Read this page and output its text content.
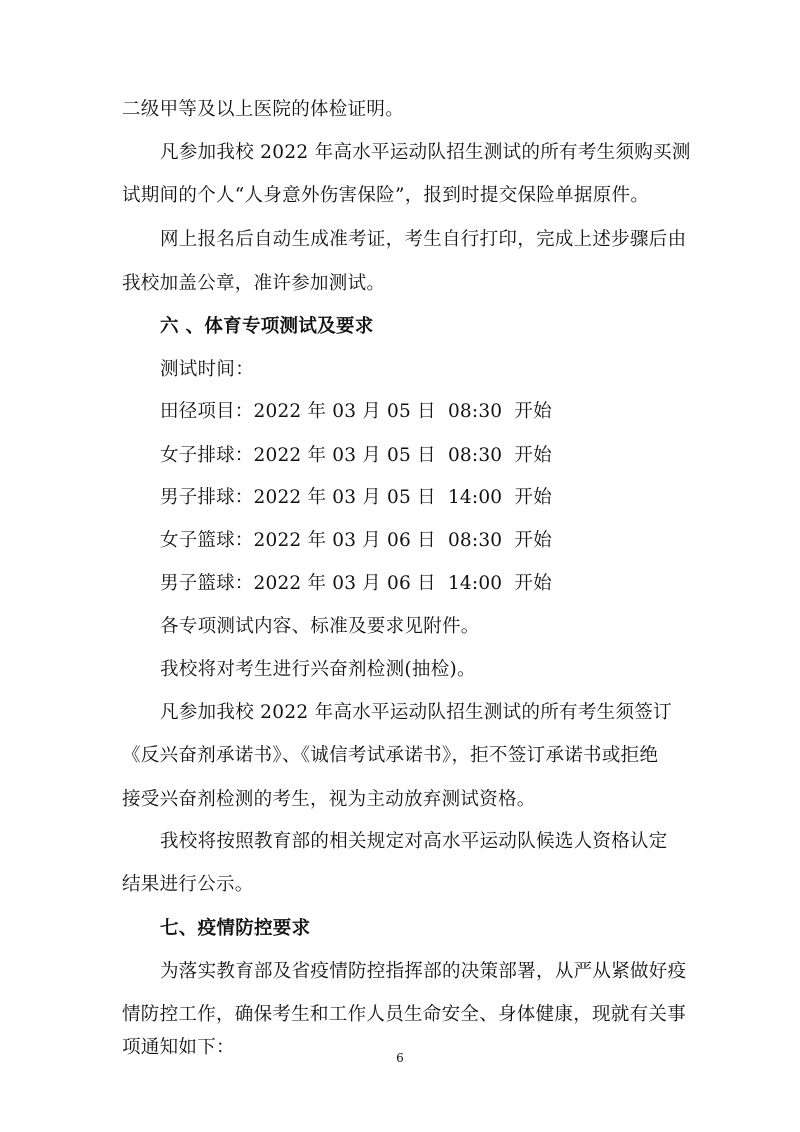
二级甲等及以上医院的体检证明。
凡参加我校 2022 年高水平运动队招生测试的所有考生须购买测
试期间的个人“人身意外伤害保险”，报到时提交保险单据原件。
网上报名后自动生成准考证，考生自行打印，完成上述步骤后由
我校加盖公章，准许参加测试。
六 、体育专项测试及要求
测试时间：
田径项目：2022 年 03 月 05 日  08:30  开始
女子排球：2022 年 03 月 05 日  08:30  开始
男子排球：2022 年 03 月 05 日  14:00  开始
女子篮球：2022 年 03 月 06 日  08:30  开始
男子篮球：2022 年 03 月 06 日  14:00  开始
各专项测试内容、标准及要求见附件。
我校将对考生进行兴奋剂检测(抽检)。
凡参加我校 2022 年高水平运动队招生测试的所有考生须签订
《反兴奋剂承诺书》、《诚信考试承诺书》，拒不签订承诺书或拒绝
接受兴奋剂检测的考生，视为主动放弃测试资格。
我校将按照教育部的相关规定对高水平运动队候选人资格认定
结果进行公示。
七、疫情防控要求
为落实教育部及省疫情防控指挥部的决策部署，从严从紧做好疫
情防控工作，确保考生和工作人员生命安全、身体健康，现就有关事
项通知如下：	6
